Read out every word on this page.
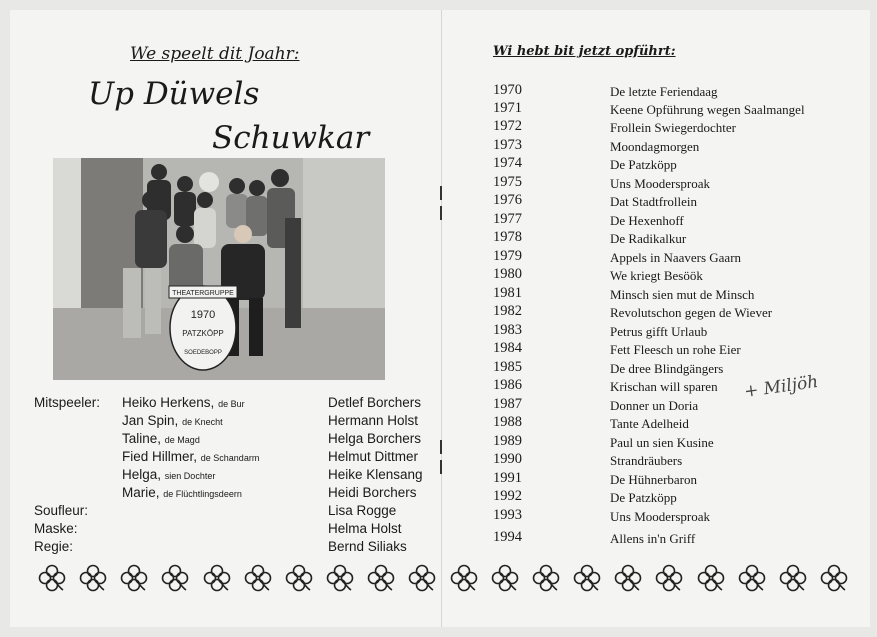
We speelt dit Joahr:
Up Düwels
Schuwkar
THEATERGRUPPE
1970
PATZKÖPP
SOEDEBOPP
Mitspeeler: Heiko Herkens, de Bur	Detlef Borchers
Jan Spin, de Knecht	Hermann Holst
Taline, de Magd	Helga Borchers
Fied Hillmer, de Schandarm	Helmut Dittmer
Helga, sien Dochter	Heike Klensang
Marie, de Flüchtlingsdeern	Heidi Borchers
Soufleur:	Lisa Rogge
Maske:	Helma Holst
Regie:	Bernd Siliaks
Wi hebt bit jetzt opführt:
1970	De letzte Feriendaag
1971	Keene Opführung wegen Saalmangel
1972	Frollein Swiegerdochter
1973	Moondagmorgen
1974	De Patzköpp
1975	Uns Moodersproak
1976	Dat Stadtfrollein
1977	De Hexenhoff
1978	De Radikalkur
1979	Appels in Naavers Gaarn
1980	We kriegt Besöök
1981	Minsch sien mut de Minsch
1982	Revolutschon gegen de Wiever
1983	Petrus gifft Urlaub
1984	Fett Fleesch un rohe Eier
1985	De dree Blindgängers
1986	Krischan will sparen
1987	Donner un Doria
1988	Tante Adelheid
1989	Paul un sien Kusine
1990	Strandräubers
1991	De Hühnerbaron
1992	De Patzköpp
1993	Uns Moodersproak
1994	Allens in'n Griff
+ Miljöh
